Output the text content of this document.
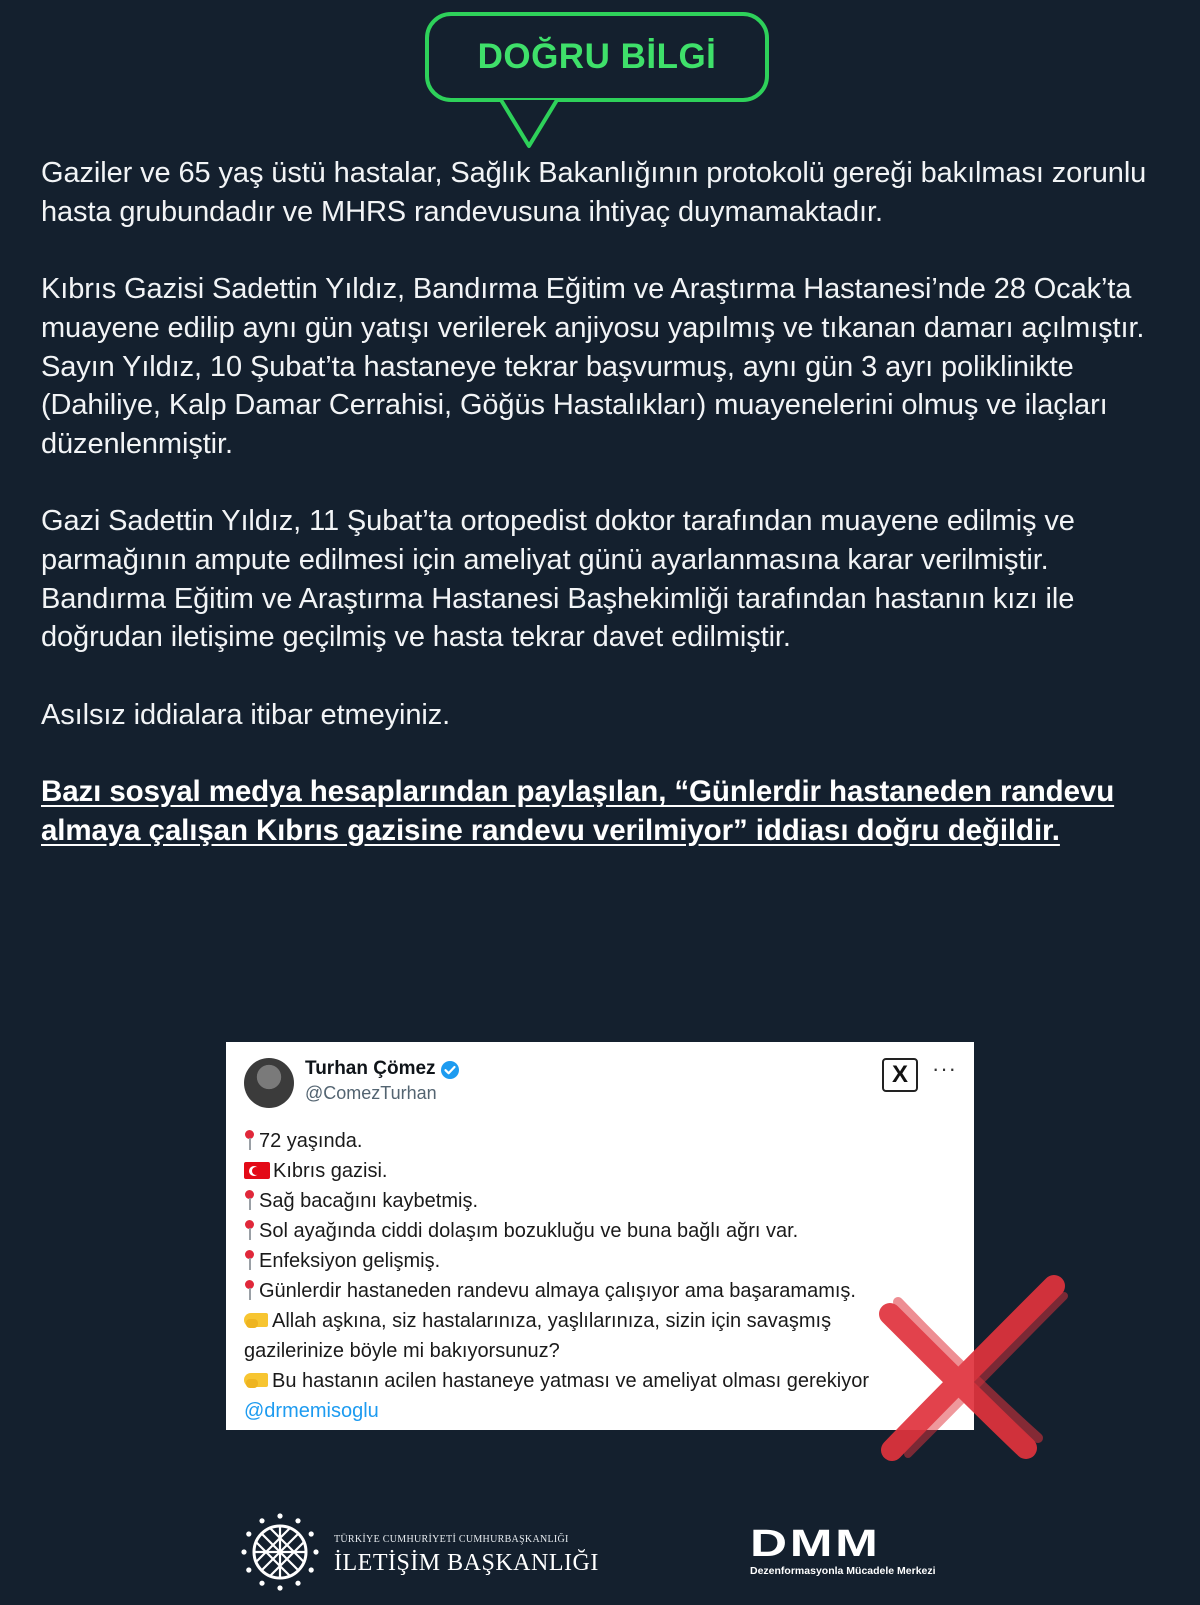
DOĞRU BİLGİ

Gaziler ve 65 yaş üstü hastalar, Sağlık Bakanlığının protokolü gereği bakılması zorunlu hasta grubundadır ve MHRS randevusuna ihtiyaç duymamaktadır.

Kıbrıs Gazisi Sadettin Yıldız, Bandırma Eğitim ve Araştırma Hastanesi’nde 28 Ocak’ta muayene edilip aynı gün yatışı verilerek anjiyosu yapılmış ve tıkanan damarı açılmıştır. Sayın Yıldız, 10 Şubat’ta hastaneye tekrar başvurmuş, aynı gün 3 ayrı poliklinikte (Dahiliye, Kalp Damar Cerrahisi, Göğüs Hastalıkları) muayenelerini olmuş ve ilaçları düzenlenmiştir.

Gazi Sadettin Yıldız, 11 Şubat’ta ortopedist doktor tarafından muayene edilmiş ve parmağının ampute edilmesi için ameliyat günü ayarlanmasına karar verilmiştir. Bandırma Eğitim ve Araştırma Hastanesi Başhekimliği tarafından hastanın kızı ile doğrudan iletişime geçilmiş ve hasta tekrar davet edilmiştir.

Asılsız iddialara itibar etmeyiniz.

Bazı sosyal medya hesaplarından paylaşılan, “Günlerdir hastaneden randevu almaya çalışan Kıbrıs gazisine randevu verilmiyor” iddiası doğru değildir.

Turhan Çömez
@ComezTurhan
X ···
72 yaşında.
Kıbrıs gazisi.
Sağ bacağını kaybetmiş.
Sol ayağında ciddi dolaşım bozukluğu ve buna bağlı ağrı var.
Enfeksiyon gelişmiş.
Günlerdir hastaneden randevu almaya çalışıyor ama başaramamış.
Allah aşkına, siz hastalarınıza, yaşlılarınıza, sizin için savaşmış
gazilerinize böyle mi bakıyorsunuz?
Bu hastanın acilen hastaneye yatması ve ameliyat olması gerekiyor
@drmemisoglu
TÜRKİYE CUMHURİYETİ CUMHURBAŞKANLIĞI
İLETİŞİM BAŞKANLIĞI	DMM
Dezenformasyonla Mücadele Merkezi
